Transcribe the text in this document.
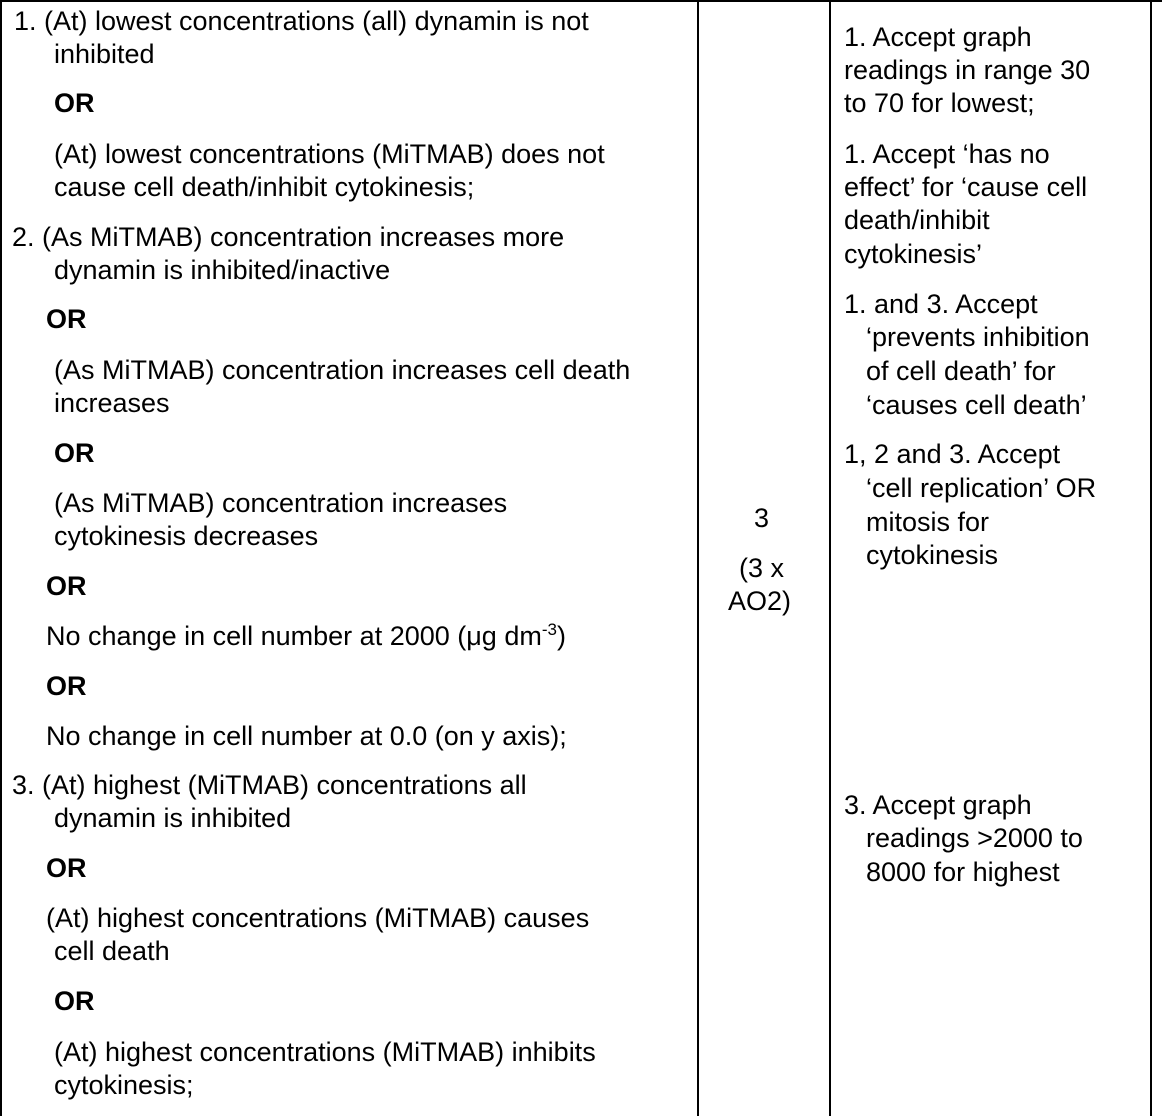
1. (At) lowest concentrations (all) dynamin is not
inhibited
OR
(At) lowest concentrations (MiTMAB) does not
cause cell death/inhibit cytokinesis;
2. (As MiTMAB) concentration increases more
dynamin is inhibited/inactive
OR
(As MiTMAB) concentration increases cell death
increases
OR
(As MiTMAB) concentration increases
cytokinesis decreases
OR
No change in cell number at 2000 (μg $dm^{-3}$)
OR
No change in cell number at 0.0 (on y axis);
3. (At) highest (MiTMAB) concentrations all
dynamin is inhibited
OR
(At) highest concentrations (MiTMAB) causes
cell death
OR
(At) highest concentrations (MiTMAB) inhibits
cytokinesis;
3
(3 x
AO2)
1. Accept graph
readings in range 30
to 70 for lowest;
1. Accept ‘has no
effect’ for ‘cause cell
death/inhibit
cytokinesis’
1. and 3. Accept
‘prevents inhibition
of cell death’ for
‘causes cell death’
1, 2 and 3. Accept
‘cell replication’ OR
mitosis for
cytokinesis
3. Accept graph
readings >2000 to
8000 for highest
